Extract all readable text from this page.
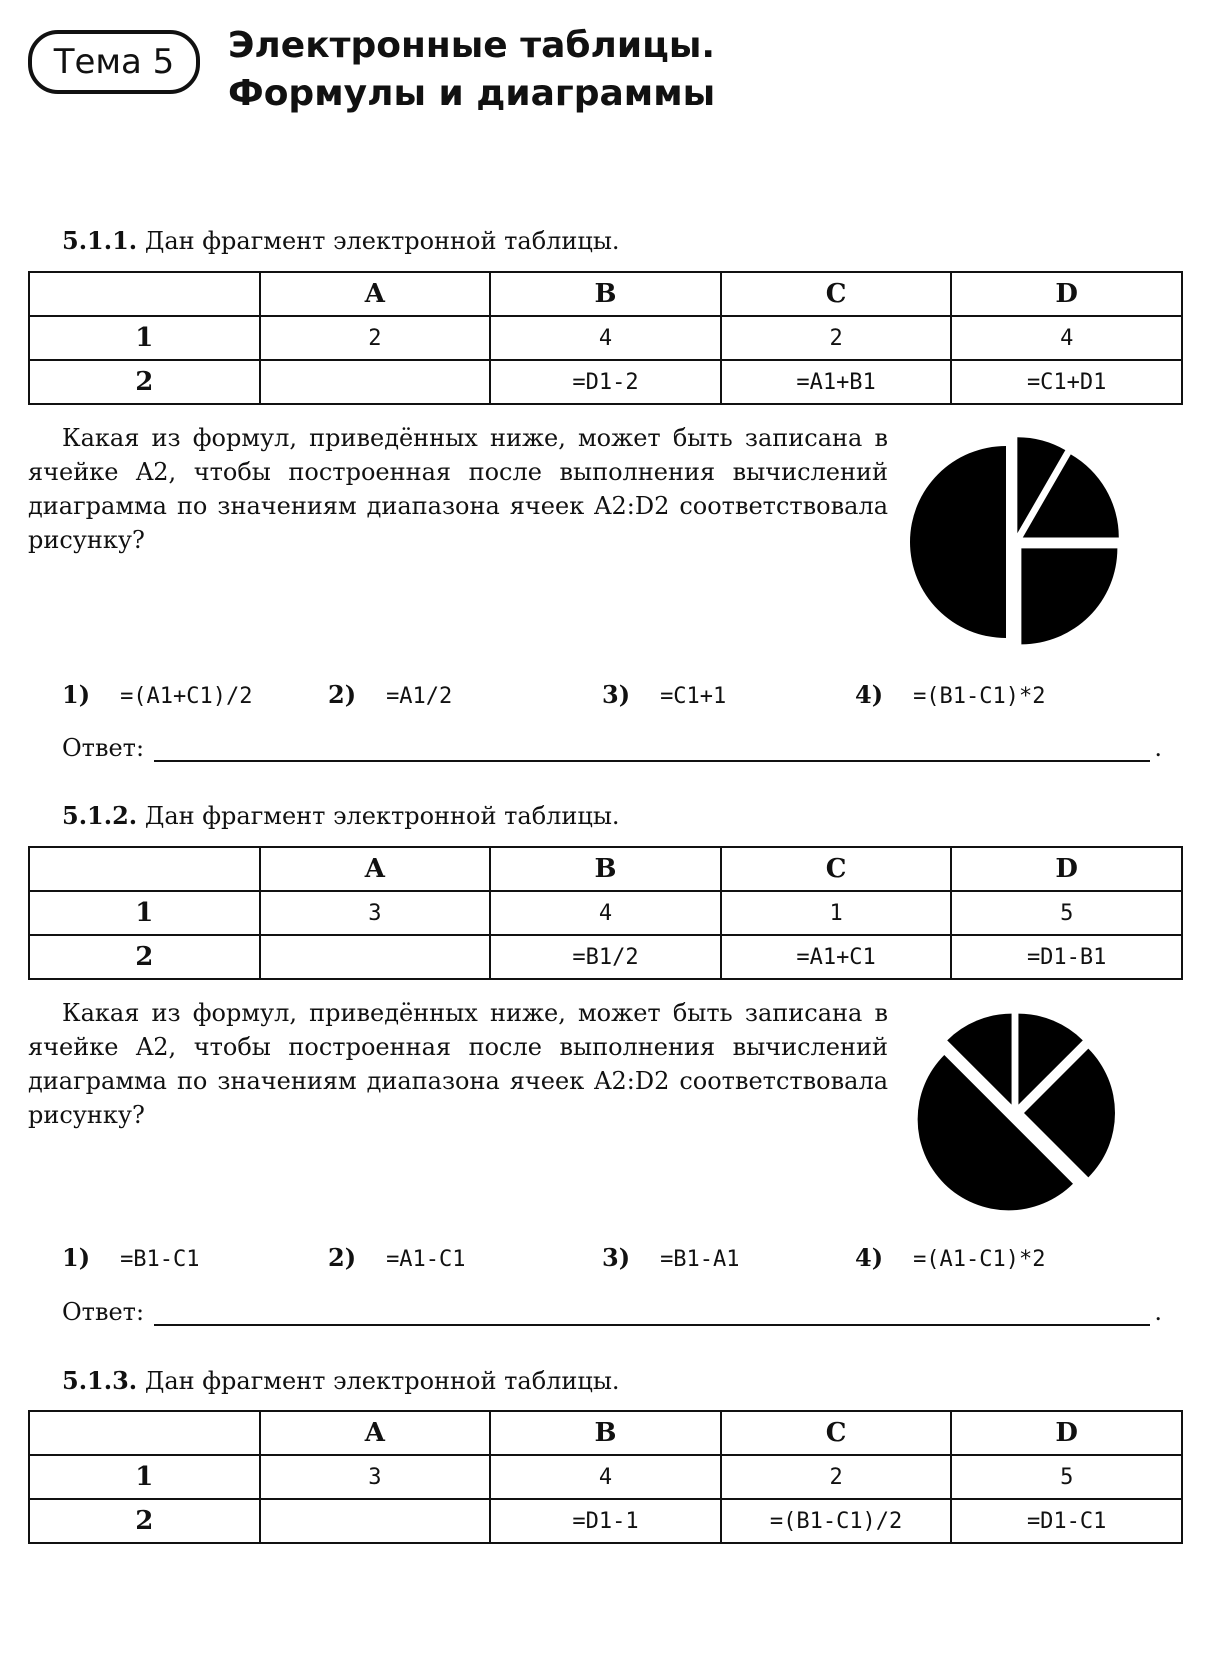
Тема 5 Электронные таблицы.
Формулы и диаграммы
5.1.1. Дан фрагмент электронной таблицы.
	A	B	C	D
1	2	4	2	4
2		=D1-2	=A1+B1	=C1+D1
Какая из формул, приведённых ниже, может быть записана в ячейке A2, чтобы построенная после выполнения вычислений диаграмма по значениям диапазона ячеек A2:D2 соответствовала рисунку?
1) =(A1+C1)/2	2) =A1/2	3) =C1+1	4) =(B1-C1)*2
Ответ:	.
5.1.2. Дан фрагмент электронной таблицы.
	A	B	C	D
1	3	4	1	5
2		=B1/2	=A1+C1	=D1-B1
Какая из формул, приведённых ниже, может быть записана в ячейке A2, чтобы построенная после выполнения вычислений диаграмма по значениям диапазона ячеек A2:D2 соответствовала рисунку?
1) =B1-C1	2) =A1-C1	3) =B1-A1	4) =(A1-C1)*2
Ответ:	.
5.1.3. Дан фрагмент электронной таблицы.
	A	B	C	D
1	3	4	2	5
2		=D1-1	=(B1-C1)/2	=D1-C1
